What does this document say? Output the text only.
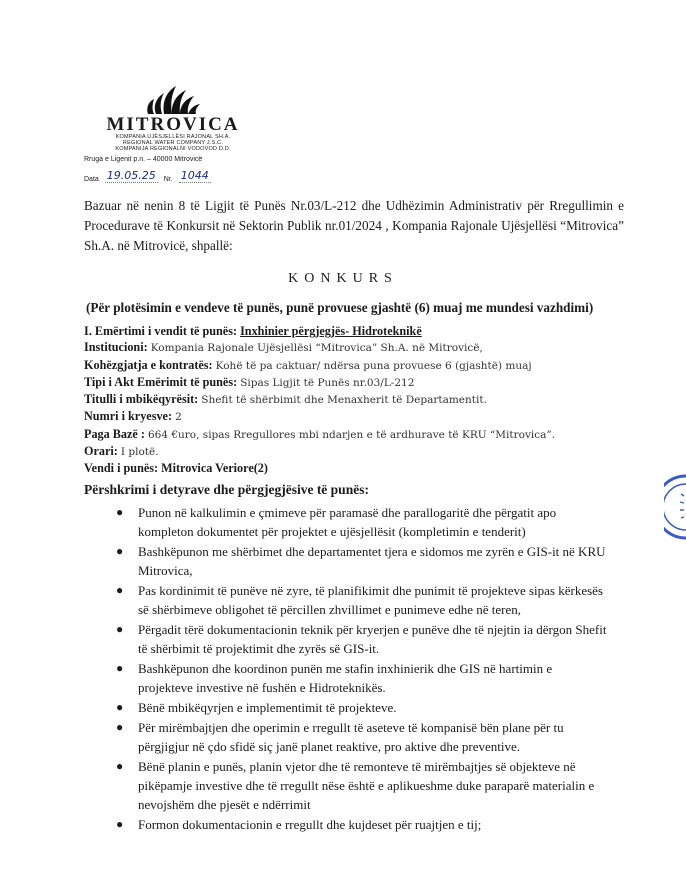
MITROVICA
KOMPANIA UJËSJELLËSI RAJONAL SH.A.
REGIONAL WATER COMPANY J.S.C.
KOMPANIJA REGIONALNI VODOVOD D.D.
Rruga e Ligenit p.n. – 40000 Mitrovicë
Data 19.05.25 Nr. 1044
Bazuar në nenin 8 të Ligjit të Punës Nr.03/L-212 dhe Udhëzimin Administrativ për Rregullimin e Procedurave të Konkursit në Sektorin Publik nr.01/2024 , Kompania Rajonale Ujësjellësi “Mitrovica” Sh.A. në Mitrovicë, shpallë:
KONKURS
(Për plotësimin e vendeve të punës, punë provuese gjashtë (6) muaj me mundesi vazhdimi)
I. Emërtimi i vendit të punës: Inxhinier përgjegjës- Hidroteknikë
Institucioni: Kompania Rajonale Ujësjellësi “Mitrovica” Sh.A. në Mitrovicë,
Kohëzgjatja e kontratës: Kohë të pa caktuar/ ndërsa puna provuese 6 (gjashtë) muaj
Tipi i Akt Emërimit të punës: Sipas Ligjit të Punës nr.03/L-212
Titulli i mbikëqyrësit: Shefit të shërbimit dhe Menaxherit të Departamentit.
Numri i kryesve: 2
Paga Bazë : 664 €uro, sipas Rregullores mbi ndarjen e të ardhurave të KRU “Mitrovica”.
Orari: I plotë.
Vendi i punës: Mitrovica Veriore(2)
Përshkrimi i detyrave dhe përgjegjësive të punës:
● Punon në kalkulimin e çmimeve për paramasë dhe parallogaritë dhe përgatit apo kompleton dokumentet për projektet e ujësjellësit (kompletimin e tenderit)
● Bashkëpunon me shërbimet dhe departamentet tjera e sidomos me zyrën e GIS-it në KRU Mitrovica,
● Pas kordinimit të punëve në zyre, të planifikimit dhe punimit të projekteve sipas kërkesës së shërbimeve obligohet të përcillen zhvillimet e punimeve edhe në teren,
● Përgadit tërë dokumentacionin teknik për kryerjen e punëve dhe të njejtin ia dërgon Shefit të shërbimit të projektimit dhe zyrës së GIS-it.
● Bashkëpunon dhe koordinon punën me stafin inxhinierik dhe GIS në hartimin e projekteve investive në fushën e Hidroteknikës.
● Bënë mbikëqyrjen e implementimit të projekteve.
● Për mirëmbajtjen dhe operimin e rregullt të aseteve të kompanisë bën plane për tu përgjigjur në çdo sfidë siç janë planet reaktive, pro aktive dhe preventive.
● Bënë planin e punës, planin vjetor dhe të remonteve të mirëmbajtjes së objekteve në pikëpamje investive dhe të rregullt nëse është e aplikueshme duke paraparë materialin e nevojshëm dhe pjesët e ndërrimit
● Formon dokumentacionin e rregullt dhe kujdeset për ruajtjen e tij;
